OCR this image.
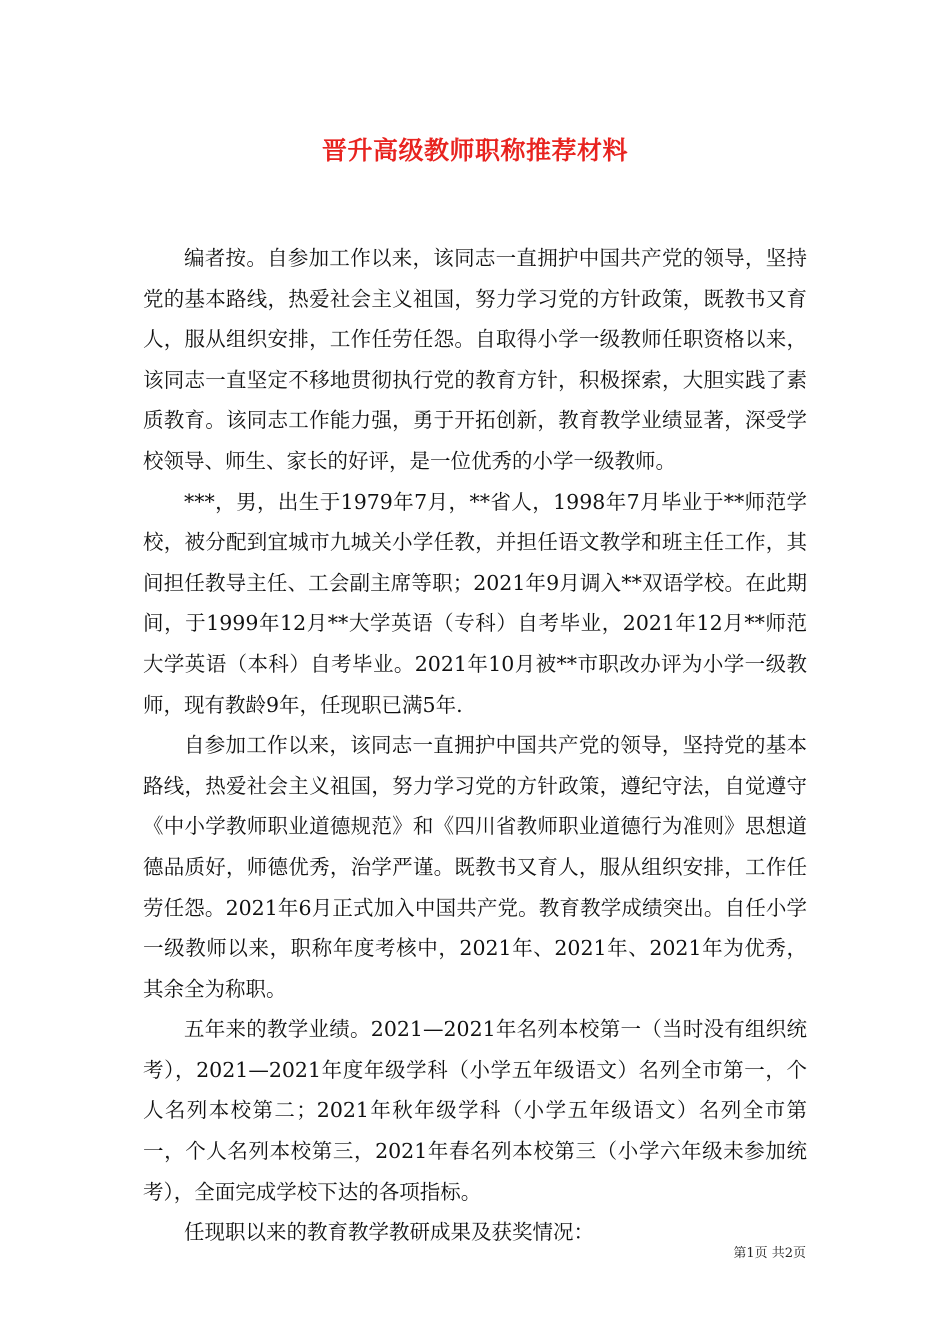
晋升高级教师职称推荐材料

编者按。自参加工作以来，该同志一直拥护中国共产党的领导，坚持党的基本路线，热爱社会主义祖国，努力学习党的方针政策，既教书又育人，服从组织安排，工作任劳任怨。自取得小学一级教师任职资格以来，该同志一直坚定不移地贯彻执行党的教育方针，积极探索，大胆实践了素质教育。该同志工作能力强，勇于开拓创新，教育教学业绩显著，深受学校领导、师生、家长的好评，是一位优秀的小学一级教师。

***，男，出生于1979年7月，**省人，1998年7月毕业于**师范学校，被分配到宜城市九城关小学任教，并担任语文教学和班主任工作，其间担任教导主任、工会副主席等职；2021年9月调入**双语学校。在此期间，于1999年12月**大学英语（专科）自考毕业，2021年12月**师范大学英语（本科）自考毕业。2021年10月被**市职改办评为小学一级教师，现有教龄9年，任现职已满5年.

自参加工作以来，该同志一直拥护中国共产党的领导，坚持党的基本路线，热爱社会主义祖国，努力学习党的方针政策，遵纪守法，自觉遵守《中小学教师职业道德规范》和《四川省教师职业道德行为准则》思想道德品质好，师德优秀，治学严谨。既教书又育人，服从组织安排，工作任劳任怨。2021年6月正式加入中国共产党。教育教学成绩突出。自任小学一级教师以来，职称年度考核中，2021年、2021年、2021年为优秀，其余全为称职。

五年来的教学业绩。2021—2021年名列本校第一（当时没有组织统考），2021—2021年度年级学科（小学五年级语文）名列全市第一，个人名列本校第二；2021年秋年级学科（小学五年级语文）名列全市第一，个人名列本校第三，2021年春名列本校第三（小学六年级未参加统考），全面完成学校下达的各项指标。

任现职以来的教育教学教研成果及获奖情况：

第1页 共2页
